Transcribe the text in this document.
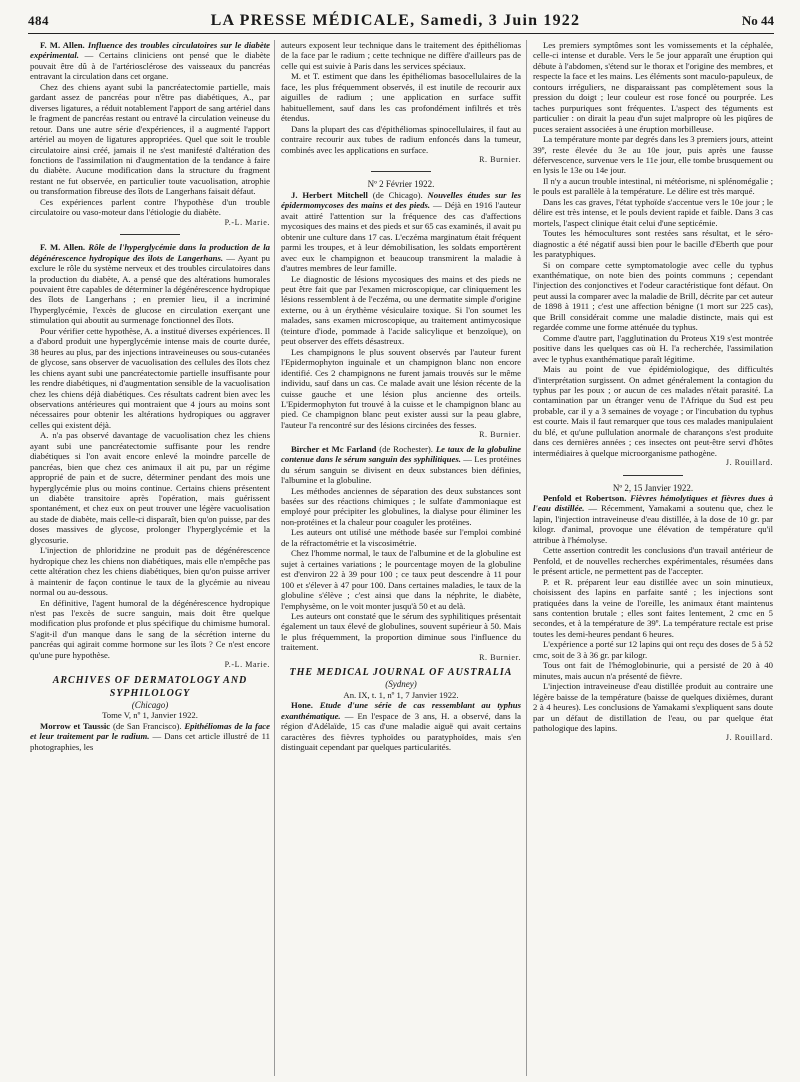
484	LA PRESSE MÉDICALE, Samedi, 3 Juin 1922	No 44

F. M. Allen. Influence des troubles circulatoires sur le diabète expérimental. — Certains cliniciens ont pensé que le diabète pouvait être dû à de l'artériosclérose des vaisseaux du pancréas entravant la circulation dans cet organe.

Chez des chiens ayant subi la pancréatectomie partielle, mais gardant assez de pancréas pour n'être pas diabétiques, A., par diverses ligatures, a réduit notablement l'apport de sang artériel dans le fragment de pancréas restant ou entravé la circulation veineuse du retour. Dans une autre série d'expériences, il a augmenté l'apport artériel au moyen de ligatures appropriées. Quel que soit le trouble circulatoire ainsi créé, jamais il ne s'est manifesté d'altération des fonctions de l'assimilation ni d'augmentation de la tendance à faire du diabète. Aucune modification dans la structure du fragment restant ne fut observée, en particulier toute vacuolisation, atrophie ou transformation fibreuse des îlots de Langerhans faisait défaut.

Ces expériences parlent contre l'hypothèse d'un trouble circulatoire ou vaso-moteur dans l'étiologie du diabète.

P.-L. Marie.

F. M. Allen. Rôle de l'hyperglycémie dans la production de la dégénérescence hydropique des îlots de Langerhans. — Ayant pu exclure le rôle du système nerveux et des troubles circulatoires dans la production du diabète, A. a pensé que des altérations humorales pouvaient être capables de déterminer la dégénérescence hydropique des îlots de Langerhans ; en premier lieu, il a incriminé l'hyperglycémie, l'excès de glucose en circulation exerçant une stimulation qui aboutit au surmenage fonctionnel des îlots.

Pour vérifier cette hypothèse, A. a institué diverses expériences. Il a d'abord produit une hyperglycémie intense mais de courte durée, 38 heures au plus, par des injections intraveineuses ou sous-cutanées de glycose, sans observer de vacuolisation des cellules des îlots chez les chiens ayant subi une pancréatectomie partielle insuffisante pour les rendre diabétiques, ni d'augmentation sensible de la vacuolisation chez les chiens déjà diabétiques. Ces résultats cadrent bien avec les observations antérieures qui montraient que 4 jours au moins sont nécessaires pour obtenir les altérations hydropiques ou aggraver celles qui existent déjà.

A. n'a pas observé davantage de vacuolisation chez les chiens ayant subi une pancréatectomie suffisante pour les rendre diabétiques si l'on avait encore enlevé la moindre parcelle de pancréas, bien que chez ces animaux il ait pu, par un régime approprié de pain et de sucre, déterminer pendant des mois une hyperglycémie plus ou moins continue. Certains chiens présentent un diabète transitoire après l'opération, mais guérissent spontanément, et chez eux on peut trouver une légère vacuolisation au stade de diabète, mais celle-ci disparaît, bien qu'on puisse, par des doses massives de glycose, prolonger l'hyperglycémie et la glycosurie.

L'injection de phloridzine ne produit pas de dégénérescence hydropique chez les chiens non diabétiques, mais elle n'empêche pas cette altération chez les chiens diabétiques, bien qu'on puisse arriver à maintenir de façon continue le taux de la glycémie au niveau normal ou au-dessous.

En définitive, l'agent humoral de la dégénérescence hydropique n'est pas l'excès de sucre sanguin, mais doit être quelque modification plus profonde et plus spécifique du chimisme humoral. S'agit-il d'un manque dans le sang de la sécrétion interne du pancréas qui agirait comme hormone sur les îlots ? Ce n'est encore qu'une pure hypothèse.

P.-L. Marie.

ARCHIVES OF DERMATOLOGY AND SYPHILOLOGY

(Chicago)

Tome V, nº 1, Janvier 1922.

Morrow et Taussic (de San Francisco). Epithéliomas de la face et leur traitement par le radium. — Dans cet article illustré de 11 photographies, les

auteurs exposent leur technique dans le traitement des épithéliomas de la face par le radium ; cette technique ne diffère d'ailleurs pas de celle qui est suivie à Paris dans les services spéciaux.

M. et T. estiment que dans les épithéliomas basocellulaires de la face, les plus fréquemment observés, il est inutile de recourir aux aiguilles de radium ; une application en surface suffit habituellement, sauf dans les cas profondément infiltrés et très étendus.

Dans la plupart des cas d'épithéliomas spinocellulaires, il faut au contraire recourir aux tubes de radium enfoncés dans la tumeur, combinés avec les applications en surface.

R. Burnier.

Nº 2 Février 1922.

J. Herbert Mitchell (de Chicago). Nouvelles études sur les épidermomycoses des mains et des pieds. — Déjà en 1916 l'auteur avait attiré l'attention sur la fréquence des cas d'affections mycosiques des mains et des pieds et sur 65 cas examinés, il avait pu obtenir une culture dans 17 cas. L'eczéma marginatum était fréquent parmi les troupes, et à leur démobilisation, les soldats emportèrent avec eux le champignon et beaucoup transmirent la maladie à d'autres membres de leur famille.

Le diagnostic de lésions mycosiques des mains et des pieds ne peut être fait que par l'examen microscopique, car cliniquement les lésions ressemblent à de l'eczéma, ou une dermatite simple d'origine externe, ou à un érythème vésiculaire toxique. Si l'on soumet les malades, sans examen microscopique, au traitement antimycosique (teinture d'iode, pommade à l'acide salicylique et benzoïque), on peut observer des effets désastreux.

Les champignons le plus souvent observés par l'auteur furent l'Epidermophyton inguinale et un champignon blanc non encore identifié. Ces 2 champignons ne furent jamais trouvés sur le même individu, sauf dans un cas. Ce malade avait une lésion récente de la cuisse gauche et une lésion plus ancienne des orteils. L'Epidermophyton fut trouvé à la cuisse et le champignon blanc au pied. Ce champignon blanc peut exister aussi sur la peau glabre, l'auteur l'a rencontré sur des lésions circinées des fesses.

R. Burnier.

Bircher et Mc Farland (de Rochester). Le taux de la globuline contenue dans le sérum sanguin des syphilitiques. — Les protéines du sérum sanguin se divisent en deux substances bien définies, l'albumine et la globuline.

Les méthodes anciennes de séparation des deux substances sont basées sur des réactions chimiques ; le sulfate d'ammoniaque est employé pour précipiter les globulines, la dialyse pour éliminer les non-protéines et la chaleur pour coaguler les protéines.

Les auteurs ont utilisé une méthode basée sur l'emploi combiné de la réfractométrie et la viscosimétrie.

Chez l'homme normal, le taux de l'albumine et de la globuline est sujet à certaines variations ; le pourcentage moyen de la globuline est d'environ 22 à 39 pour 100 ; ce taux peut descendre à 11 pour 100 et s'élever à 47 pour 100. Dans certaines maladies, le taux de la globuline s'élève ; c'est ainsi que dans la néphrite, le diabète, l'emphysème, on le voit monter jusqu'à 50 et au delà.

Les auteurs ont constaté que le sérum des syphilitiques présentait également un taux élevé de globulines, souvent supérieur à 50. Mais le plus fréquemment, la proportion diminue sous l'influence du traitement.

R. Burnier.

THE MEDICAL JOURNAL OF AUSTRALIA

(Sydney)

An. IX, t. 1, nº 1, 7 Janvier 1922.

Hone. Etude d'une série de cas ressemblant au typhus exanthématique. — En l'espace de 3 ans, H. a observé, dans la région d'Adélaïde, 15 cas d'une maladie aiguë qui avait certains caractères des fièvres typhoïdes ou paratyphoïdes, mais s'en distinguait cependant par quelques particularités.

Les premiers symptômes sont les vomissements et la céphalée, celle-ci intense et durable. Vers le 5e jour apparaît une éruption qui débute à l'abdomen, s'étend sur le thorax et l'origine des membres, et respecte la face et les mains. Les éléments sont maculo-papuleux, de contours irréguliers, ne disparaissant pas complètement sous la pression du doigt ; leur couleur est rose foncé ou pourprée. Les taches purpuriques sont fréquentes. L'aspect des téguments est particulier : on dirait la peau d'un sujet malpropre où les piqûres de puces seraient associées à une éruption morbilleuse.

La température monte par degrés dans les 3 premiers jours, atteint 39º, reste élevée du 3e au 10e jour, puis après une fausse défervescence, survenue vers le 11e jour, elle tombe brusquement ou en lysis le 13e ou 14e jour.

Il n'y a aucun trouble intestinal, ni météorisme, ni splénomégalie ; le pouls est parallèle à la température. Le délire est très marqué.

Dans les cas graves, l'état typhoïde s'accentue vers le 10e jour ; le délire est très intense, et le pouls devient rapide et faible. Dans 3 cas mortels, l'aspect clinique était celui d'une septicémie.

Toutes les hémocultures sont restées sans résultat, et le séro-diagnostic a été négatif aussi bien pour le bacille d'Eberth que pour les paratyphiques.

Si on compare cette symptomatologie avec celle du typhus exanthématique, on note bien des points communs ; cependant l'injection des conjonctives et l'odeur caractéristique font défaut. On peut aussi la comparer avec la maladie de Brill, décrite par cet auteur de 1898 à 1911 ; c'est une affection bénigne (1 mort sur 225 cas), que Brill considérait comme une maladie distincte, mais qui est regardée comme une forme atténuée du typhus.

Comme d'autre part, l'agglutination du Proteus X19 s'est montrée positive dans les quelques cas où H. l'a recherchée, l'assimilation avec le typhus exanthématique paraît légitime.

Mais au point de vue épidémiologique, des difficultés d'interprétation surgissent. On admet généralement la contagion du typhus par les poux ; or aucun de ces malades n'était parasité. La contamination par un étranger venu de l'Afrique du Sud est peu probable, car il y a 3 semaines de voyage ; or l'incubation du typhus est courte. Mais il faut remarquer que tous ces malades manipulaient du blé, et qu'une pullulation anormale de charançons s'est produite dans ces dernières années ; ces insectes ont peut-être servi d'hôtes intermédiaires à quelque microorganisme pathogène.

J. Rouillard.

Nº 2, 15 Janvier 1922.

Penfold et Robertson. Fièvres hémolytiques et fièvres dues à l'eau distillée. — Récemment, Yamakami a soutenu que, chez le lapin, l'injection intraveineuse d'eau distillée, à la dose de 10 gr. par kilogr. d'animal, provoque une élévation de température qu'il attribue à l'hémolyse.

Cette assertion contredit les conclusions d'un travail antérieur de Penfold, et de nouvelles recherches expérimentales, résumées dans le présent article, ne permettent pas de l'accepter.

P. et R. préparent leur eau distillée avec un soin minutieux, choisissent des lapins en parfaite santé ; les injections sont pratiquées dans la veine de l'oreille, les animaux étant maintenus sans contention brutale ; elles sont faites lentement, 2 cmc en 5 secondes, et à la température de 39º. La température rectale est prise toutes les demi-heures pendant 6 heures.

L'expérience a porté sur 12 lapins qui ont reçu des doses de 5 à 52 cmc, soit de 3 à 36 gr. par kilogr.

Tous ont fait de l'hémoglobinurie, qui a persisté de 20 à 40 minutes, mais aucun n'a présenté de fièvre.

L'injection intraveineuse d'eau distillée produit au contraire une légère baisse de la température (baisse de quelques dixièmes, durant 2 à 4 heures). Les conclusions de Yamakami s'expliquent sans doute par un défaut de distillation de l'eau, ou par quelque état pathologique des lapins.

J. Rouillard.
